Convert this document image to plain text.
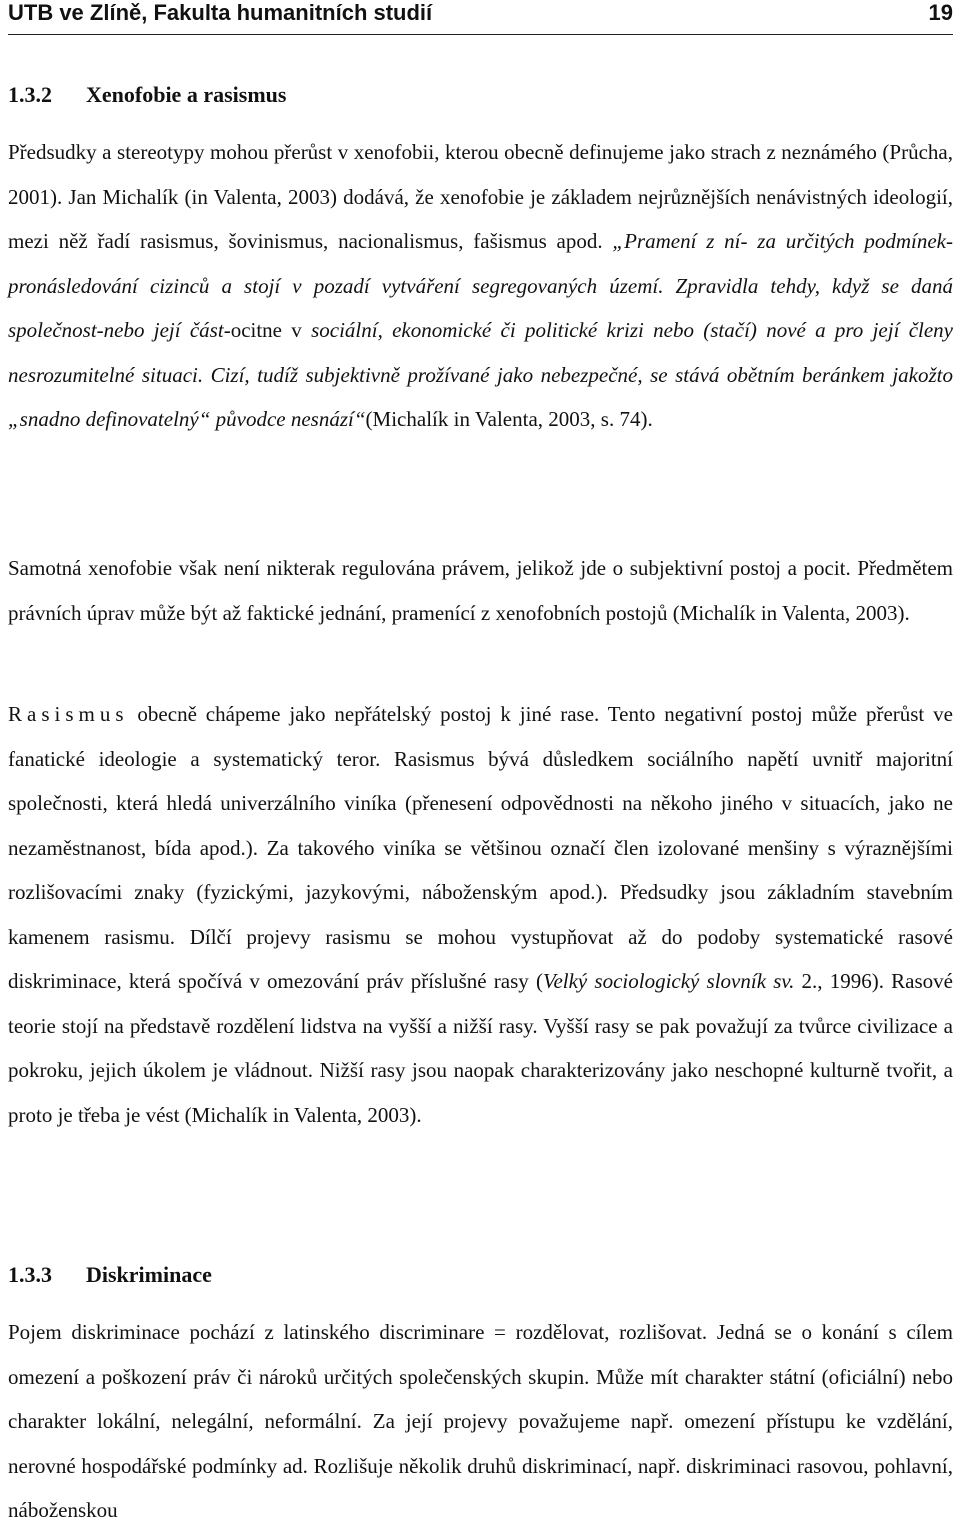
UTB ve Zlíně, Fakulta humanitních studií	19
1.3.2 Xenofobie a rasismus

Předsudky a stereotypy mohou přerůst v xenofobii, kterou obecně definujeme jako strach z neznámého (Průcha, 2001). Jan Michalík (in Valenta, 2003) dodává, že xenofobie je základem nejrůznějších nenávistných ideologií, mezi něž řadí rasismus, šovinismus, nacionalismus, fašismus apod. „Pramení z ní- za určitých podmínek- pronásledování cizinců a stojí v pozadí vytváření segregovaných území. Zpravidla tehdy, když se daná společnost-nebo její část-ocitne v sociální, ekonomické či politické krizi nebo (stačí) nové a pro její členy nesrozumitelné situaci. Cizí, tudíž subjektivně prožívané jako nebezpečné, se stává obětním beránkem jakožto „snadno definovatelný“ původce nesnází“(Michalík in Valenta, 2003, s. 74).

Samotná xenofobie však není nikterak regulována právem, jelikož jde o subjektivní postoj a pocit. Předmětem právních úprav může být až faktické jednání, pramenící z xenofobních postojů (Michalík in Valenta, 2003).

Rasismus obecně chápeme jako nepřátelský postoj k jiné rase. Tento negativní postoj může přerůst ve fanatické ideologie a systematický teror. Rasismus bývá důsledkem sociálního napětí uvnitř majoritní společnosti, která hledá univerzálního viníka (přenesení odpovědnosti na někoho jiného v situacích, jako ne nezaměstnanost, bída apod.). Za takového viníka se většinou označí člen izolované menšiny s výraznějšími rozlišovacími znaky (fyzickými, jazykovými, náboženským apod.). Předsudky jsou základním stavebním kamenem rasismu. Dílčí projevy rasismu se mohou vystupňovat až do podoby systematické rasové diskriminace, která spočívá v omezování práv příslušné rasy (Velký sociologický slovník sv. 2., 1996). Rasové teorie stojí na představě rozdělení lidstva na vyšší a nižší rasy. Vyšší rasy se pak považují za tvůrce civilizace a pokroku, jejich úkolem je vládnout. Nižší rasy jsou naopak charakterizovány jako neschopné kulturně tvořit, a proto je třeba je vést (Michalík in Valenta, 2003).

1.3.3 Diskriminace

Pojem diskriminace pochází z latinského discriminare = rozdělovat, rozlišovat. Jedná se o konání s cílem omezení a poškození práv či nároků určitých společenských skupin. Může mít charakter státní (oficiální) nebo charakter lokální, nelegální, neformální. Za její projevy považujeme např. omezení přístupu ke vzdělání, nerovné hospodářské podmínky ad. Rozlišuje několik druhů diskriminací, např. diskriminaci rasovou, pohlavní, náboženskou
